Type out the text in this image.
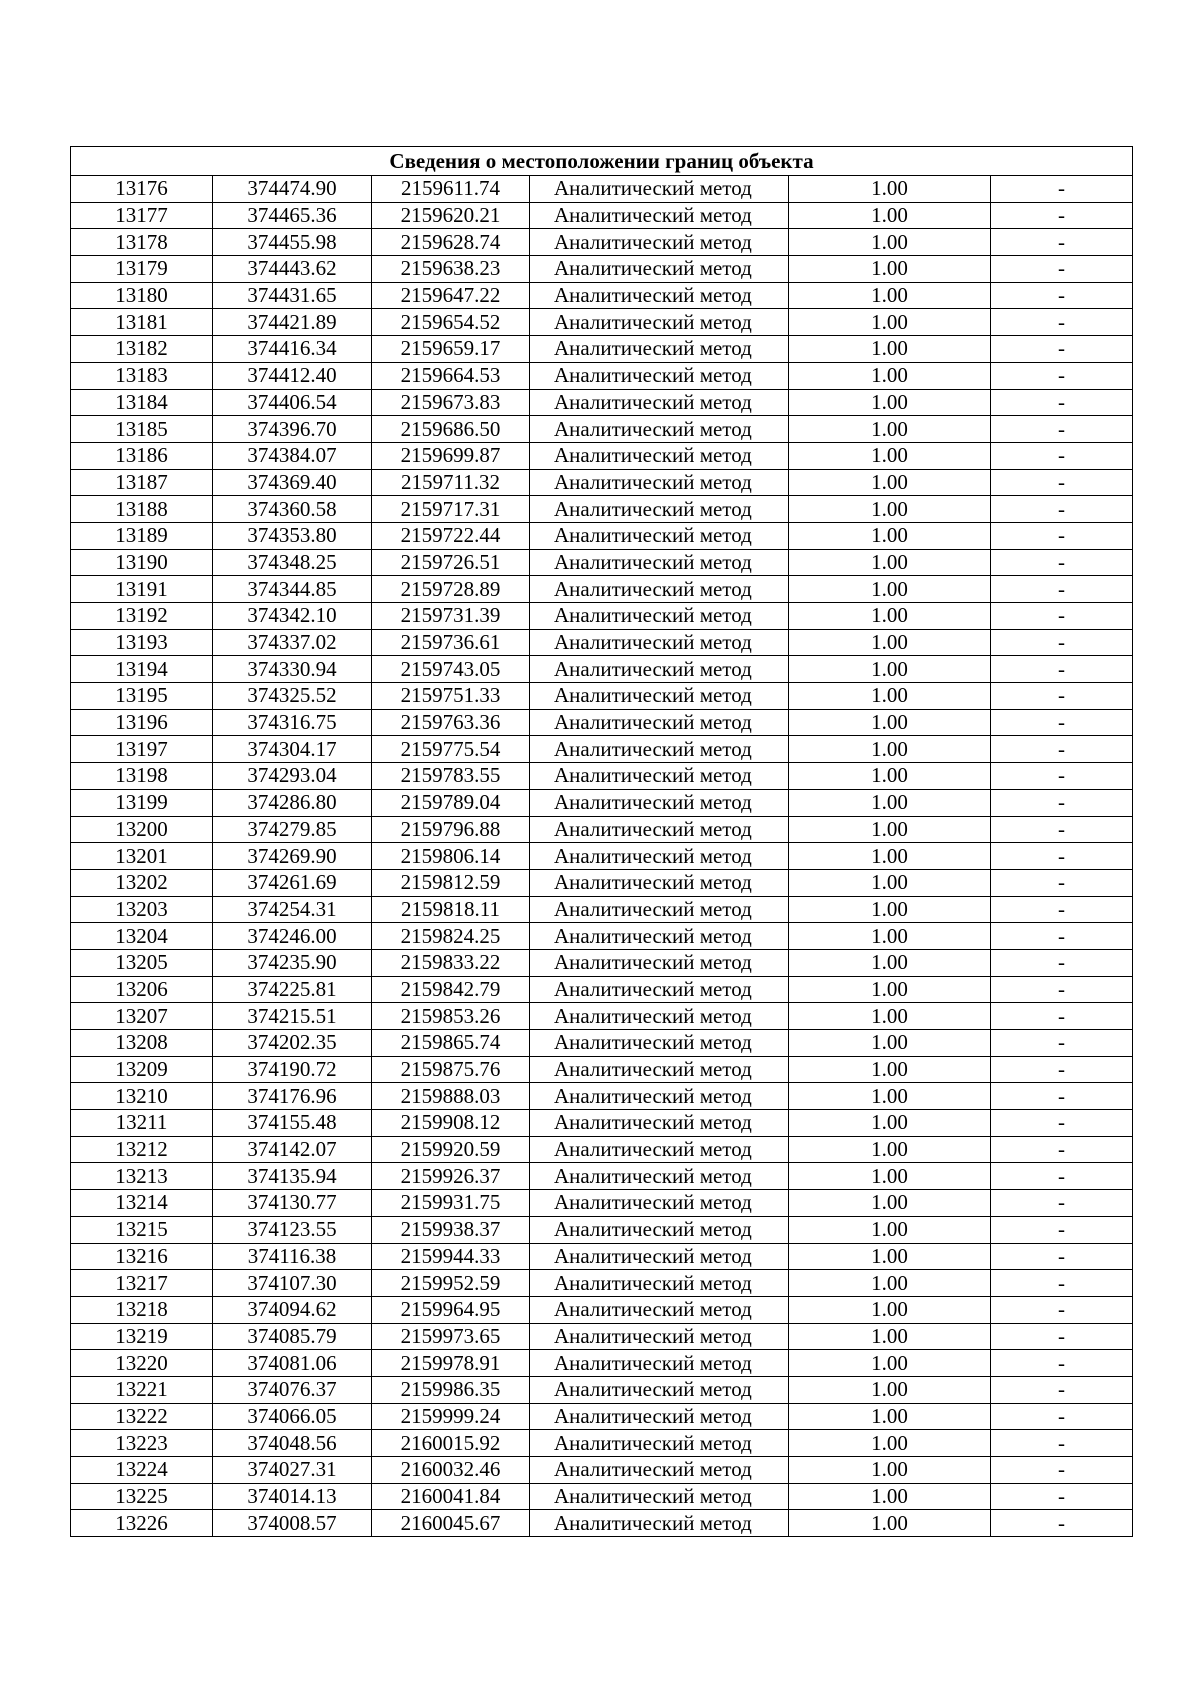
Сведения о местоположении границ объекта					
13176	374474.90	2159611.74	Аналитический метод	1.00	-
13177	374465.36	2159620.21	Аналитический метод	1.00	-
13178	374455.98	2159628.74	Аналитический метод	1.00	-
13179	374443.62	2159638.23	Аналитический метод	1.00	-
13180	374431.65	2159647.22	Аналитический метод	1.00	-
13181	374421.89	2159654.52	Аналитический метод	1.00	-
13182	374416.34	2159659.17	Аналитический метод	1.00	-
13183	374412.40	2159664.53	Аналитический метод	1.00	-
13184	374406.54	2159673.83	Аналитический метод	1.00	-
13185	374396.70	2159686.50	Аналитический метод	1.00	-
13186	374384.07	2159699.87	Аналитический метод	1.00	-
13187	374369.40	2159711.32	Аналитический метод	1.00	-
13188	374360.58	2159717.31	Аналитический метод	1.00	-
13189	374353.80	2159722.44	Аналитический метод	1.00	-
13190	374348.25	2159726.51	Аналитический метод	1.00	-
13191	374344.85	2159728.89	Аналитический метод	1.00	-
13192	374342.10	2159731.39	Аналитический метод	1.00	-
13193	374337.02	2159736.61	Аналитический метод	1.00	-
13194	374330.94	2159743.05	Аналитический метод	1.00	-
13195	374325.52	2159751.33	Аналитический метод	1.00	-
13196	374316.75	2159763.36	Аналитический метод	1.00	-
13197	374304.17	2159775.54	Аналитический метод	1.00	-
13198	374293.04	2159783.55	Аналитический метод	1.00	-
13199	374286.80	2159789.04	Аналитический метод	1.00	-
13200	374279.85	2159796.88	Аналитический метод	1.00	-
13201	374269.90	2159806.14	Аналитический метод	1.00	-
13202	374261.69	2159812.59	Аналитический метод	1.00	-
13203	374254.31	2159818.11	Аналитический метод	1.00	-
13204	374246.00	2159824.25	Аналитический метод	1.00	-
13205	374235.90	2159833.22	Аналитический метод	1.00	-
13206	374225.81	2159842.79	Аналитический метод	1.00	-
13207	374215.51	2159853.26	Аналитический метод	1.00	-
13208	374202.35	2159865.74	Аналитический метод	1.00	-
13209	374190.72	2159875.76	Аналитический метод	1.00	-
13210	374176.96	2159888.03	Аналитический метод	1.00	-
13211	374155.48	2159908.12	Аналитический метод	1.00	-
13212	374142.07	2159920.59	Аналитический метод	1.00	-
13213	374135.94	2159926.37	Аналитический метод	1.00	-
13214	374130.77	2159931.75	Аналитический метод	1.00	-
13215	374123.55	2159938.37	Аналитический метод	1.00	-
13216	374116.38	2159944.33	Аналитический метод	1.00	-
13217	374107.30	2159952.59	Аналитический метод	1.00	-
13218	374094.62	2159964.95	Аналитический метод	1.00	-
13219	374085.79	2159973.65	Аналитический метод	1.00	-
13220	374081.06	2159978.91	Аналитический метод	1.00	-
13221	374076.37	2159986.35	Аналитический метод	1.00	-
13222	374066.05	2159999.24	Аналитический метод	1.00	-
13223	374048.56	2160015.92	Аналитический метод	1.00	-
13224	374027.31	2160032.46	Аналитический метод	1.00	-
13225	374014.13	2160041.84	Аналитический метод	1.00	-
13226	374008.57	2160045.67	Аналитический метод	1.00	-
